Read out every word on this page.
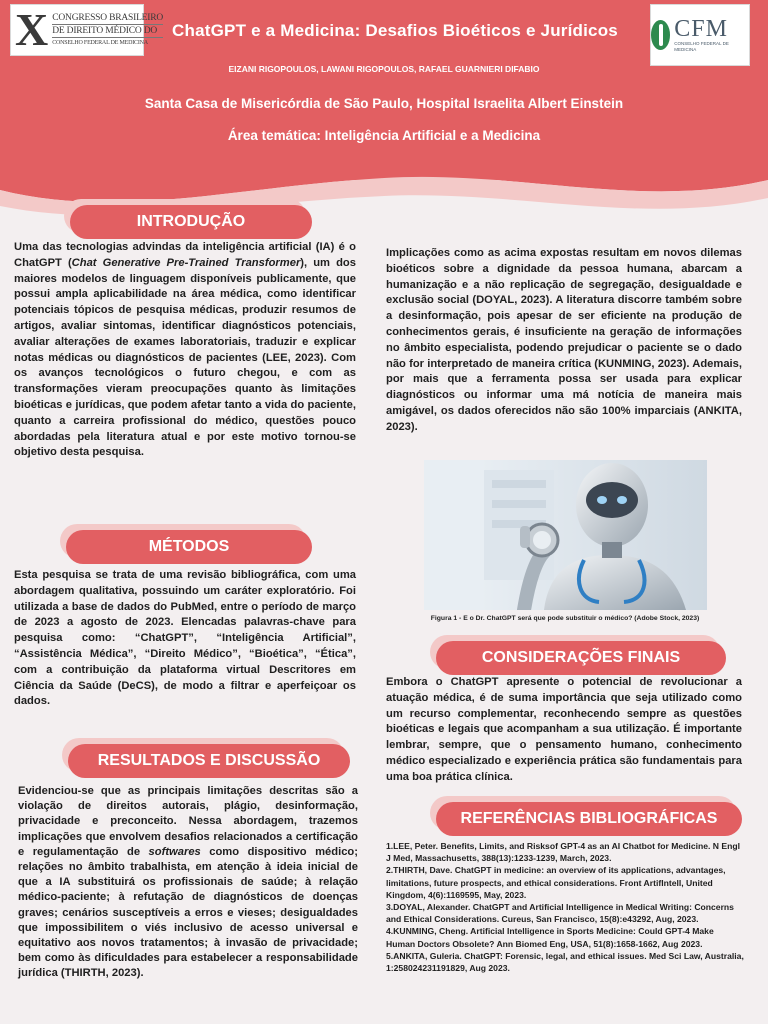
X CONGRESSO BRASILEIRO
DE DIREITO MÉDICO DO
CONSELHO FEDERAL DE MEDICINA
ChatGPT e a Medicina: Desafios Bioéticos e Jurídicos
EIZANI RIGOPOULOS, LAWANI RIGOPOULOS, RAFAEL GUARNIERI DIFABIO
Santa Casa de Misericórdia de São Paulo, Hospital Israelita Albert Einstein
Área temática: Inteligência Artificial e a Medicina
CFM
CONSELHO FEDERAL DE MEDICINA
INTRODUÇÃO
Uma das tecnologias advindas da inteligência artificial (IA) é o ChatGPT (Chat Generative Pre-Trained Transformer), um dos maiores modelos de linguagem disponíveis publicamente, que possui ampla aplicabilidade na área médica, como identificar potenciais tópicos de pesquisa médicas, produzir resumos de artigos, avaliar sintomas, identificar diagnósticos potenciais, avaliar alterações de exames laboratoriais, traduzir e explicar notas médicas ou diagnósticos de pacientes (LEE, 2023). Com os avanços tecnológicos o futuro chegou, e com as transformações vieram preocupações quanto às limitações bioéticas e jurídicas, que podem afetar tanto a vida do paciente, quanto a carreira profissional do médico, questões pouco abordadas pela literatura atual e por este motivo tornou-se objetivo desta pesquisa.
MÉTODOS
Esta pesquisa se trata de uma revisão bibliográfica, com uma abordagem qualitativa, possuindo um caráter exploratório. Foi utilizada a base de dados do PubMed, entre o período de março de 2023 a agosto de 2023. Elencadas palavras-chave para pesquisa como: “ChatGPT”, “Inteligência Artificial”, “Assistência Médica”, “Direito Médico”, “Bioética”, “Ética”, com a contribuição da plataforma virtual Descritores em Ciência da Saúde (DeCS), de modo a filtrar e aperfeiçoar os dados.
RESULTADOS E DISCUSSÃO
Evidenciou-se que as principais limitações descritas são a violação de direitos autorais, plágio, desinformação, privacidade e preconceito. Nessa abordagem, trazemos implicações que envolvem desafios relacionados a certificação e regulamentação de softwares como dispositivo médico; relações no âmbito trabalhista, em atenção à ideia inicial de que a IA substituirá os profissionais de saúde; à relação médico-paciente; à refutação de diagnósticos de doenças graves; cenários susceptíveis a erros e vieses; desigualdades que impossibilitem o viés inclusivo de acesso universal e equitativo aos novos tratamentos; à invasão de privacidade; bem como às dificuldades para estabelecer a responsabilidade jurídica (THIRTH, 2023).
Implicações como as acima expostas resultam em novos dilemas bioéticos sobre a dignidade da pessoa humana, abarcam a humanização e a não replicação de segregação, desigualdade e exclusão social (DOYAL, 2023). A literatura discorre também sobre a desinformação, pois apesar de ser eficiente na produção de conhecimentos gerais, é insuficiente na geração de informações no âmbito especialista, podendo prejudicar o paciente se o dado não for interpretado de maneira crítica (KUNMING, 2023). Ademais, por mais que a ferramenta possa ser usada para explicar diagnósticos ou informar uma má notícia de maneira mais amigável, os dados oferecidos não são 100% imparciais (ANKITA, 2023).
Figura 1 - E o Dr. ChatGPT será que pode substituir o médico? (Adobe Stock, 2023)
CONSIDERAÇÕES FINAIS
Embora o ChatGPT apresente o potencial de revolucionar a atuação médica, é de suma importância que seja utilizado como um recurso complementar, reconhecendo sempre as questões bioéticas e legais que acompanham a sua utilização. É importante lembrar, sempre, que o pensamento humano, conhecimento médico especializado e experiência prática são fundamentais para uma boa prática clínica.
REFERÊNCIAS BIBLIOGRÁFICAS

1.LEE, Peter. Benefits, Limits, and Risksof GPT-4 as an AI Chatbot for Medicine. N Engl J Med, Massachusetts, 388(13):1233-1239, March, 2023.

2.THIRTH, Dave. ChatGPT in medicine: an overview of its applications, advantages, limitations, future prospects, and ethical considerations. Front ArtifIntell, United Kingdom, 4(6):1169595, May, 2023.

3.DOYAL, Alexander. ChatGPT and Artificial Intelligence in Medical Writing: Concerns and Ethical Considerations. Cureus, San Francisco, 15(8):e43292, Aug, 2023.

4.KUNMING, Cheng. Artificial Intelligence in Sports Medicine: Could GPT-4 Make Human Doctors Obsolete? Ann Biomed Eng, USA, 51(8):1658-1662, Aug 2023.

5.ANKITA, Guleria. ChatGPT: Forensic, legal, and ethical issues. Med Sci Law, Australia, 1:258024231191829, Aug 2023.
